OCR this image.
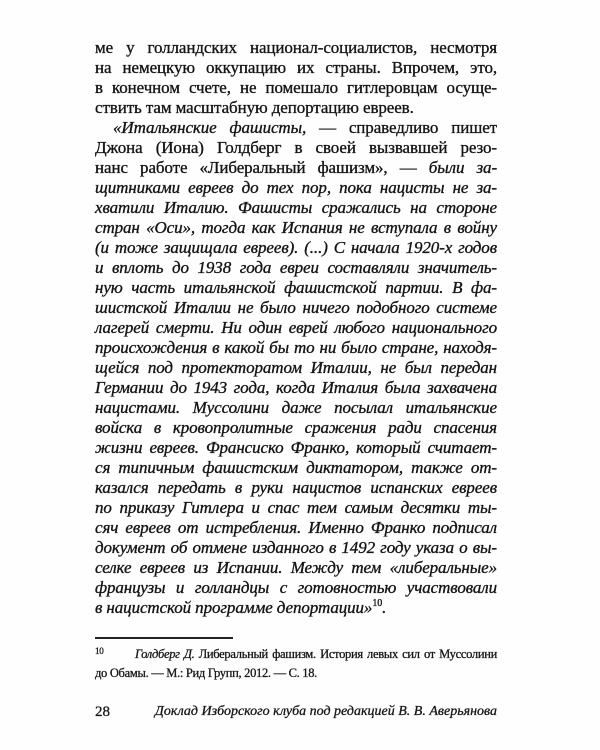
ме у голландских национал-социалистов, несмотря
на немецкую оккупацию их страны. Впрочем, это,
в конечном счете, не помешало гитлеровцам осуще-
ствить там масштабную депортацию евреев.
«Итальянские фашисты, — справедливо пишет
Джона (Иона) Голдберг в своей вызвавшей резо-
нанс работе «Либеральный фашизм», — были за-
щитниками евреев до тех пор, пока нацисты не за-
хватили Италию. Фашисты сражались на стороне
стран «Оси», тогда как Испания не вступала в войну
(и тоже защищала евреев). (...) С начала 1920-х годов
и вплоть до 1938 года евреи составляли значитель-
ную часть итальянской фашистской партии. В фа-
шистской Италии не было ничего подобного системе
лагерей смерти. Ни один еврей любого национального
происхождения в какой бы то ни было стране, находя-
щейся под протекторатом Италии, не был передан
Германии до 1943 года, когда Италия была захвачена
нацистами. Муссолини даже посылал итальянские
войска в кровопролитные сражения ради спасения
жизни евреев. Франсиско Франко, который считает-
ся типичным фашистским диктатором, также от-
казался передать в руки нацистов испанских евреев
по приказу Гитлера и спас тем самым десятки ты-
сяч евреев от истребления. Именно Франко подписал
документ об отмене изданного в 1492 году указа о вы-
селке евреев из Испании. Между тем «либеральные»
французы и голландцы с готовностью участвовали
в нацистской программе депортации»$^{10}$.
10	Голдберг Д. Либеральный фашизм. История левых сил от Муссолини
до Обамы. — М.: Рид Групп, 2012. — С. 18.
28	Доклад Изборского клуба под редакцией В. В. Аверьянова
